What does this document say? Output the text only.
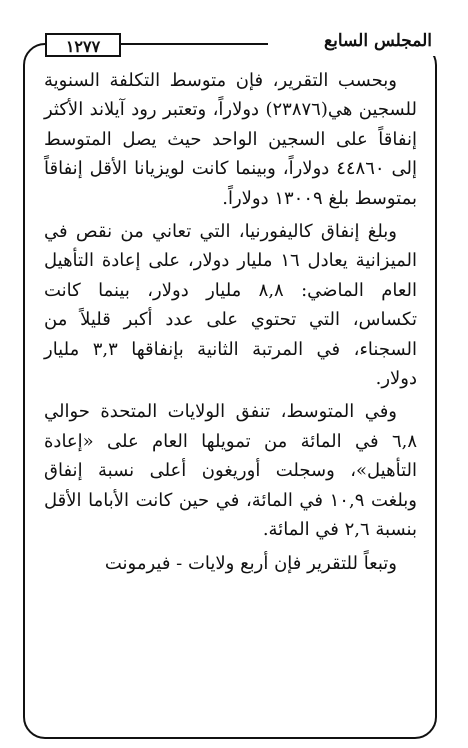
المجلس السابع
١٢٧٧

وبحسب التقرير، فإن متوسط التكلفة السنوية للسجين هي(٢٣٨٧٦) دولاراً، وتعتبر رود آيلاند الأكثر إنفاقاً على السجين الواحد حيث يصل المتوسط إلى ٤٤٨٦٠ دولاراً، وبينما كانت لويزيانا الأقل إنفاقاً بمتوسط بلغ ١٣٠٠٩ دولاراً.

وبلغ إنفاق كاليفورنيا، التي تعاني من نقص في الميزانية يعادل ١٦ مليار دولار، على إعادة التأهيل العام الماضي: ٨,٨ مليار دولار، بينما كانت تكساس، التي تحتوي على عدد أكبر قليلاً من السجناء، في المرتبة الثانية بإنفاقها ٣,٣ مليار دولار.

وفي المتوسط، تنفق الولايات المتحدة حوالي ٦,٨ في المائة من تمويلها العام على «إعادة التأهيل»، وسجلت أوريغون أعلى نسبة إنفاق وبلغت ١٠,٩ في المائة، في حين كانت الأباما الأقل بنسبة ٢,٦ في المائة.

وتبعاً للتقرير فإن أربع ولايات - فيرمونت
